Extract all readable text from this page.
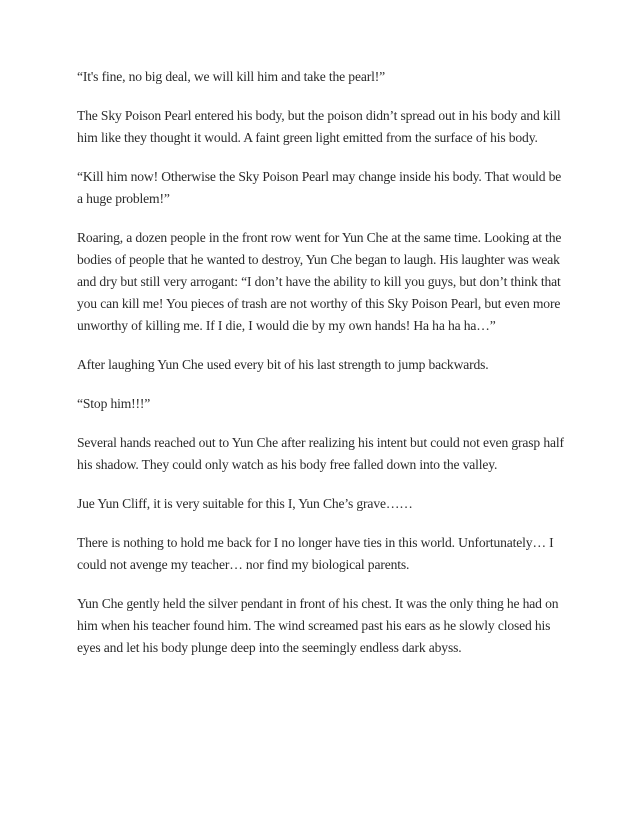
“It's fine, no big deal, we will kill him and take the pearl!”

The Sky Poison Pearl entered his body, but the poison didn’t spread out in his body and kill him like they thought it would. A faint green light emitted from the surface of his body.

“Kill him now! Otherwise the Sky Poison Pearl may change inside his body. That would be a huge problem!”

Roaring, a dozen people in the front row went for Yun Che at the same time. Looking at the bodies of people that he wanted to destroy, Yun Che began to laugh. His laughter was weak and dry but still very arrogant: “I don’t have the ability to kill you guys, but don’t think that you can kill me! You pieces of trash are not worthy of this Sky Poison Pearl, but even more unworthy of killing me. If I die, I would die by my own hands! Ha ha ha ha…”

After laughing Yun Che used every bit of his last strength to jump backwards.

“Stop him!!!”

Several hands reached out to Yun Che after realizing his intent but could not even grasp half his shadow. They could only watch as his body free falled down into the valley.

Jue Yun Cliff, it is very suitable for this I, Yun Che’s grave……

There is nothing to hold me back for I no longer have ties in this world. Unfortunately… I could not avenge my teacher… nor find my biological parents.

Yun Che gently held the silver pendant in front of his chest. It was the only thing he had on him when his teacher found him. The wind screamed past his ears as he slowly closed his eyes and let his body plunge deep into the seemingly endless dark abyss.
